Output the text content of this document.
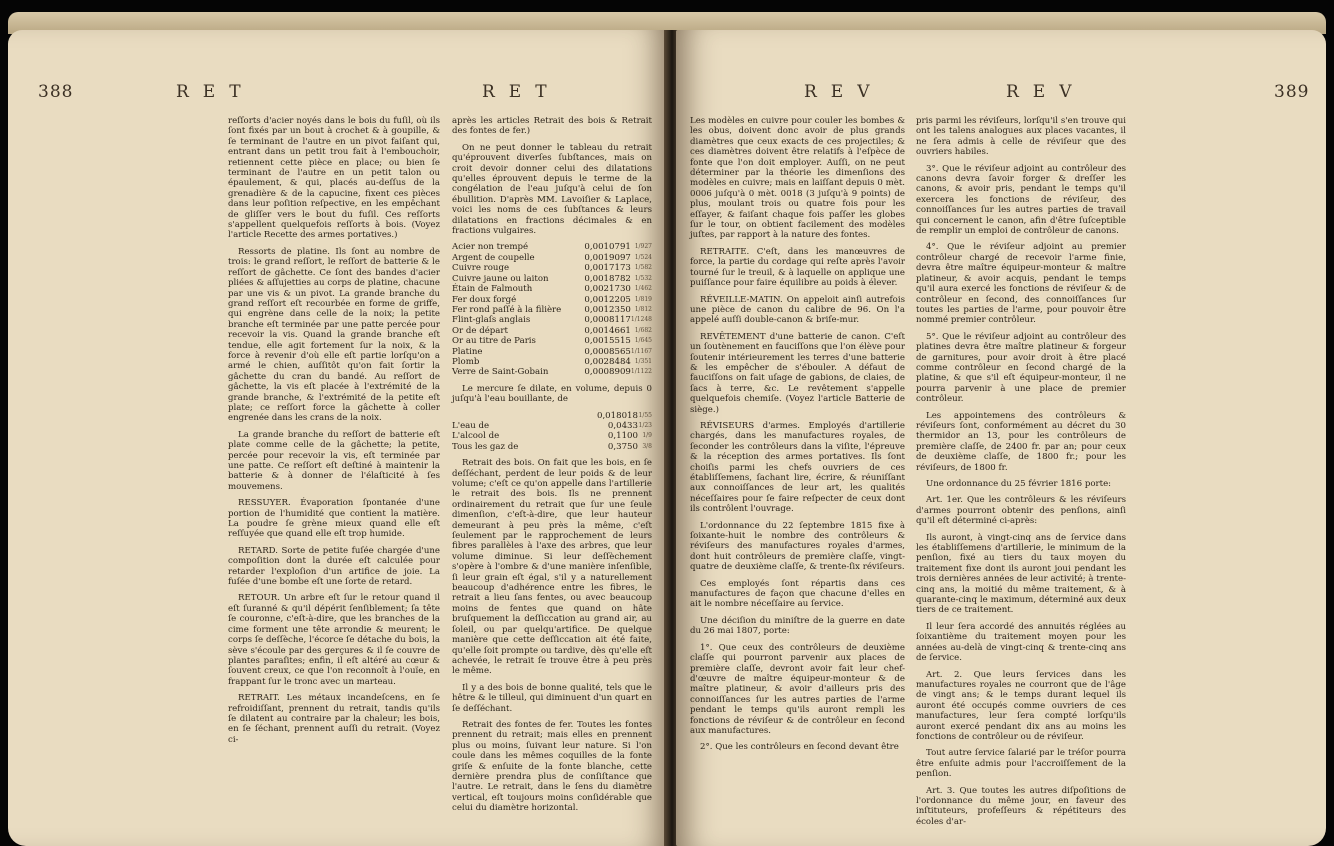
388	RET	RET

reſſorts d'acier noyés dans le bois du fuſil, où ils ſont fixés par un bout à crochet & à goupille, & ſe terminant de l'autre en un pivot faiſant qui, entrant dans un petit trou fait à l'embouchoir, retiennent cette pièce en place; ou bien ſe terminant de l'autre en un petit talon ou épaulement, & qui, placés au-deſſus de la grenadière & de la capucine, fixent ces pièces dans leur poſition reſpective, en les empêchant de gliſſer vers le bout du fuſil. Ces reſſorts s'appellent quelquefois reſſorts à bois. (Voyez l'article Recette des armes portatives.)

Ressorts de platine. Ils ſont au nombre de trois: le grand reſſort, le reſſort de batterie & le reſſort de gâchette. Ce ſont des bandes d'acier pliées & aſſujetties au corps de platine, chacune par une vis & un pivot. La grande branche du grand reſſort eſt recourbée en forme de griffe, qui engrène dans celle de la noix; la petite branche eſt terminée par une patte percée pour recevoir la vis. Quand la grande branche eſt tendue, elle agit fortement ſur la noix, & la force à revenir d'où elle eſt partie lorſqu'on a armé le chien, auſſitôt qu'on fait ſortir la gâchette du cran du bandé. Au reſſort de gâchette, la vis eſt placée à l'extrémité de la grande branche, & l'extrémité de la petite eſt plate; ce reſſort force la gâchette à coller engrenée dans les crans de la noix.

La grande branche du reſſort de batterie eſt plate comme celle de la gâchette; la petite, percée pour recevoir la vis, eſt terminée par une patte. Ce reſſort eſt deſtiné à maintenir la batterie & à donner de l'élaſticité à ſes mouvemens.

RESSUYER. Évaporation ſpontanée d'une portion de l'humidité que contient la matière. La poudre ſe grène mieux quand elle eſt reſſuyée que quand elle eſt trop humide.

RETARD. Sorte de petite fuſée chargée d'une compoſition dont la durée eſt calculée pour retarder l'exploſion d'un artifice de joie. La fuſée d'une bombe eſt une ſorte de retard.

RETOUR. Un arbre eſt ſur le retour quand il eſt ſuranné & qu'il dépérit ſenſiblement; ſa tête ſe couronne, c'eſt-à-dire, que les branches de la cime forment une tête arrondie & meurent; le corps ſe deſſèche, l'écorce ſe détache du bois, la sève s'écoule par des gerçures & il ſe couvre de plantes paraſites; enfin, il eſt altéré au cœur & ſouvent creux, ce que l'on reconnoît à l'ouïe, en frappant ſur le tronc avec un marteau.

RETRAIT. Les métaux incandeſcens, en ſe refroidiſſant, prennent du retrait, tandis qu'ils ſe dilatent au contraire par la chaleur; les bois, en ſe ſéchant, prennent auſſi du retrait. (Voyez ci-

après les articles Retrait des bois & Retrait des fontes de fer.)

On ne peut donner le tableau du retrait qu'éprouvent diverſes ſubſtances, mais on croit devoir donner celui des dilatations qu'elles éprouvent depuis le terme de la congélation de l'eau juſqu'à celui de ſon ébullition. D'après MM. Lavoiſier & Laplace, voici les noms de ces ſubſtances & leurs dilatations en fractions décimales & en fractions vulgaires.

Acier non trempé	0,0010791	1/927
Argent de coupelle	0,0019097	1/524
Cuivre rouge	0,0017173	1/582
Cuivre jaune ou laiton	0,0018782	1/532
Étain de Falmouth	0,0021730	1/462
Fer doux forgé	0,0012205	1/819
Fer rond paſſé à la filière	0,0012350	1/812
Flint-glaſs anglais	0,0008117	1/1248
Or de départ	0,0014661	1/682
Or au titre de Paris	0,0015515	1/645
Platine	0,0008565	1/1167
Plomb	0,0028484	1/351
Verre de Saint-Gobain	0,0008909	1/1122

Le mercure ſe dilate, en volume, depuis 0 juſqu'à l'eau bouillante, de

	0,018018	1/55
L'eau de	0,0433	1/23
L'alcool de	0,1100	1/9
Tous les gaz de	0,3750	3/8

Retrait des bois. On fait que les bois, en ſe deſſéchant, perdent de leur poids & de leur volume; c'eſt ce qu'on appelle dans l'artillerie le retrait des bois. Ils ne prennent ordinairement du retrait que ſur une ſeule dimenſion, c'eſt-à-dire, que leur hauteur demeurant à peu près la même, c'eſt ſeulement par le rapprochement de leurs fibres parallèles à l'axe des arbres, que leur volume diminue. Si leur deſſèchement s'opère à l'ombre & d'une manière inſenſible, ſi leur grain eſt égal, s'il y a naturellement beaucoup d'adhérence entre les fibres, le retrait a lieu ſans fentes, ou avec beaucoup moins de fentes que quand on hâte bruſquement la deſſiccation au grand air, au ſoleil, ou par quelqu'artifice. De quelque manière que cette deſſiccation ait été faite, qu'elle ſoit prompte ou tardive, dès qu'elle eſt achevée, le retrait ſe trouve être à peu près le même.

Il y a des bois de bonne qualité, tels que le hêtre & le tilleul, qui diminuent d'un quart en ſe deſſéchant.

Retrait des fontes de fer. Toutes les fontes prennent du retrait; mais elles en prennent plus ou moins, ſuivant leur nature. Si l'on coule dans les mêmes coquilles de la fonte griſe & enſuite de la fonte blanche, cette dernière prendra plus de conſiſtance que l'autre. Le retrait, dans le ſens du diamètre vertical, eſt toujours moins conſidérable que celui du diamètre horizontal.

REV	REV	389

Les modèles en cuivre pour couler les bombes & les obus, doivent donc avoir de plus grands diamètres que ceux exacts de ces projectiles; & ces diamètres doivent être relatifs à l'eſpèce de fonte que l'on doit employer. Auſſi, on ne peut déterminer par la théorie les dimenſions des modèles en cuivre; mais en laiſſant depuis 0 mèt. 0006 juſqu'à 0 mèt. 0018 (3 juſqu'à 9 points) de plus, moulant trois ou quatre fois pour les eſſayer, & faiſant chaque fois paſſer les globes ſur le tour, on obtient facilement des modèles juſtes, par rapport à la nature des fontes.

RETRAITE. C'eſt, dans les manœuvres de force, la partie du cordage qui reſte après l'avoir tourné ſur le treuil, & à laquelle on applique une puiſſance pour faire équilibre au poids à élever.

RÉVEILLE-MATIN. On appeloit ainſi autrefois une pièce de canon du calibre de 96. On l'a appelé auſſi double-canon & briſe-mur.

REVÊTEMENT d'une batterie de canon. C'eſt un ſoutènement en fauciſſons que l'on élève pour ſoutenir intérieurement les terres d'une batterie & les empêcher de s'ébouler. A défaut de fauciſſons on fait uſage de gabions, de claies, de ſacs à terre, &c. Le revêtement s'appelle quelquefois chemiſe. (Voyez l'article Batterie de siège.)

RÉVISEURS d'armes. Employés d'artillerie chargés, dans les manufactures royales, de ſeconder les contrôleurs dans la viſite, l'épreuve & la réception des armes portatives. Ils ſont choiſis parmi les chefs ouvriers de ces établiſſemens, ſachant lire, écrire, & réuniſſant aux connoiſſances de leur art, les qualités néceſſaires pour ſe faire reſpecter de ceux dont ils contrôlent l'ouvrage.

L'ordonnance du 22 ſeptembre 1815 fixe à ſoixante-huit le nombre des contrôleurs & réviſeurs des manufactures royales d'armes, dont huit contrôleurs de première claſſe, vingt-quatre de deuxième claſſe, & trente-ſix réviſeurs.

Ces employés ſont répartis dans ces manufactures de façon que chacune d'elles en ait le nombre néceſſaire au ſervice.

Une déciſion du miniſtre de la guerre en date du 26 mai 1807, porte:

1°. Que ceux des contrôleurs de deuxième claſſe qui pourront parvenir aux places de première claſſe, devront avoir fait leur chef-d'œuvre de maître équipeur-monteur & de maître platineur, & avoir d'ailleurs pris des connoiſſances ſur les autres parties de l'arme pendant le temps qu'ils auront rempli les fonctions de réviſeur & de contrôleur en ſecond aux manufactures.

2°. Que les contrôleurs en ſecond devant être

pris parmi les réviſeurs, lorſqu'il s'en trouve qui ont les talens analogues aux places vacantes, il ne ſera admis à celle de réviſeur que des ouvriers habiles.

3°. Que le réviſeur adjoint au contrôleur des canons devra ſavoir forger & dreſſer les canons, & avoir pris, pendant le temps qu'il exercera les fonctions de réviſeur, des connoiſſances ſur les autres parties de travail qui concernent le canon, afin d'être ſuſceptible de remplir un emploi de contrôleur de canons.

4°. Que le réviſeur adjoint au premier contrôleur chargé de recevoir l'arme finie, devra être maître équipeur-monteur & maître platineur, & avoir acquis, pendant le temps qu'il aura exercé les fonctions de réviſeur & de contrôleur en ſecond, des connoiſſances ſur toutes les parties de l'arme, pour pouvoir être nommé premier contrôleur.

5°. Que le réviſeur adjoint au contrôleur des platines devra être maître platineur & forgeur de garnitures, pour avoir droit à être placé comme contrôleur en ſecond chargé de la platine, & que s'il eſt équipeur-monteur, il ne pourra parvenir à une place de premier contrôleur.

Les appointemens des contrôleurs & réviſeurs ſont, conformément au décret du 30 thermidor an 13, pour les contrôleurs de première claſſe, de 2400 fr. par an; pour ceux de deuxième claſſe, de 1800 fr.; pour les réviſeurs, de 1800 fr.

Une ordonnance du 25 février 1816 porte:

Art. 1er. Que les contrôleurs & les réviſeurs d'armes pourront obtenir des penſions, ainſi qu'il eſt déterminé ci-après:

Ils auront, à vingt-cinq ans de ſervice dans les établiſſemens d'artillerie, le minimum de la penſion, fixé au tiers du taux moyen du traitement fixe dont ils auront joui pendant les trois dernières années de leur activité; à trente-cinq ans, la moitié du même traitement, & à quarante-cinq le maximum, déterminé aux deux tiers de ce traitement.

Il leur ſera accordé des annuités réglées au ſoixantième du traitement moyen pour les années au-delà de vingt-cinq & trente-cinq ans de ſervice.

Art. 2. Que leurs ſervices dans les manufactures royales ne courront que de l'âge de vingt ans; & le temps durant lequel ils auront été occupés comme ouvriers de ces manufactures, leur ſera compté lorſqu'ils auront exercé pendant dix ans au moins les fonctions de contrôleur ou de réviſeur.

Tout autre ſervice ſalarié par le tréſor pourra être enſuite admis pour l'accroiſſement de la penſion.

Art. 3. Que toutes les autres diſpoſitions de l'ordonnance du même jour, en faveur des inſtituteurs, profeſſeurs & répétiteurs des écoles d'ar-
